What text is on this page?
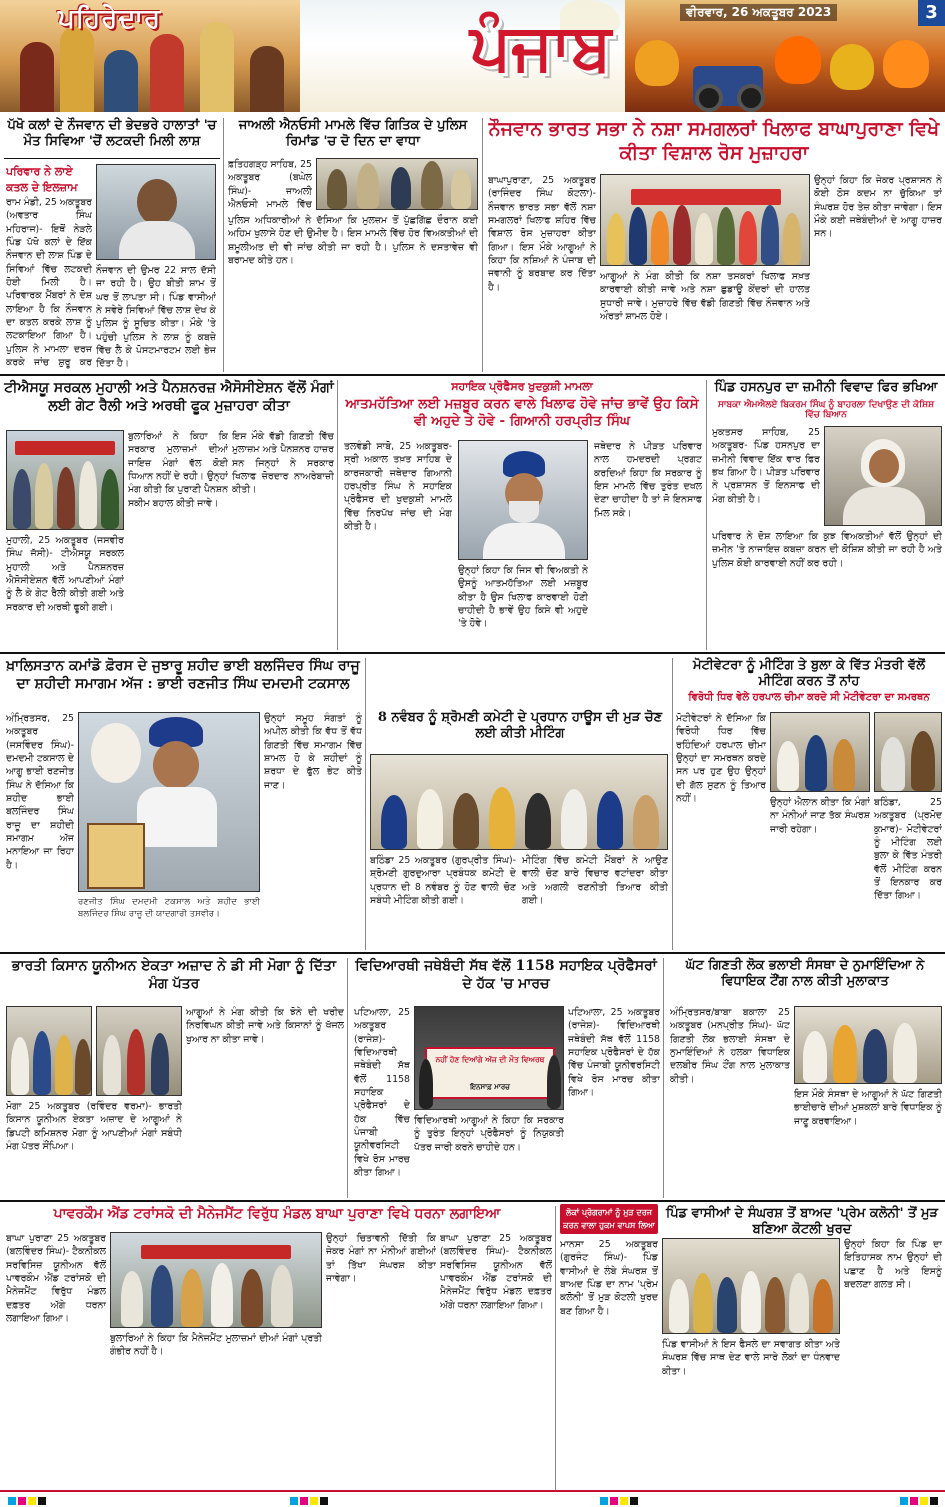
ਪਹਿਰੇਦਾਰ	ਪੰਜਾਬ	ਵੀਰਵਾਰ, 26 ਅਕਤੂਬਰ 2023	3
ਪੱਖੋ ਕਲਾਂ ਦੇ ਨੌਜਵਾਨ ਦੀ ਭੇਦਭਰੇ ਹਾਲਾਤਾਂ 'ਚ ਮੌਤ ਸਿਵਿਆ 'ਚੋਂ ਲਟਕਦੀ ਮਿਲੀ ਲਾਸ਼
ਪਰਿਵਾਰ ਨੇ ਲਾਏ ਕਤਲ ਦੇ ਇਲਜ਼ਾਮ
ਰਾਮ ਮੰਡੀ, 25 ਅਕਤੂਬਰ (ਅਵਤਾਰ ਸਿੰਘ ਮਹਿਰਾਜ)- ਇਥੋਂ ਨੇੜਲੇ ਪਿੰਡ ਪੱਖੋ ਕਲਾਂ ਦੇ ਇੱਕ ਨੌਜਵਾਨ ਦੀ ਲਾਸ਼ ਪਿੰਡ ਦੇ ਸਿਵਿਆਂ ਵਿੱਚ ਲਟਕਦੀ ਹੋਈ ਮਿਲੀ ਹੈ। ਪਰਿਵਾਰਕ ਮੈਂਬਰਾਂ ਨੇ ਦੋਸ਼ ਲਾਇਆ ਹੈ ਕਿ ਨੌਜਵਾਨ ਦਾ ਕਤਲ ਕਰਕੇ ਲਾਸ਼ ਨੂੰ ਲਟਕਾਇਆ ਗਿਆ ਹੈ। ਪੁਲਿਸ ਨੇ ਮਾਮਲਾ ਦਰਜ ਕਰਕੇ ਜਾਂਚ ਸ਼ੁਰੂ ਕਰ
ਨੌਜਵਾਨ ਦੀ ਉਮਰ 22 ਸਾਲ ਦੱਸੀ ਜਾ ਰਹੀ ਹੈ। ਉਹ ਬੀਤੀ ਸ਼ਾਮ ਤੋਂ ਘਰ ਤੋਂ ਲਾਪਤਾ ਸੀ। ਪਿੰਡ ਵਾਸੀਆਂ ਨੇ ਸਵੇਰੇ ਸਿਵਿਆਂ ਵਿੱਚ ਲਾਸ਼ ਦੇਖ ਕੇ ਪੁਲਿਸ ਨੂੰ ਸੂਚਿਤ ਕੀਤਾ। ਮੌਕੇ 'ਤੇ ਪਹੁੰਚੀ ਪੁਲਿਸ ਨੇ ਲਾਸ਼ ਨੂੰ ਕਬਜ਼ੇ ਵਿੱਚ ਲੈ ਕੇ ਪੋਸਟਮਾਰਟਮ ਲਈ ਭੇਜ ਦਿੱਤਾ ਹੈ।
ਜਾਅਲੀ ਐਨਓਸੀ ਮਾਮਲੇ ਵਿੱਚ ਗਿਤਿਕ ਦੇ ਪੁਲਿਸ ਰਿਮਾਂਡ 'ਚ ਦੋ ਦਿਨ ਦਾ ਵਾਧਾ
ਫ਼ਤਿਹਗੜ੍ਹ ਸਾਹਿਬ, 25 ਅਕਤੂਬਰ (ਬਘੇਲ ਸਿੰਘ)- ਜਾਅਲੀ ਐਨਓਸੀ ਮਾਮਲੇ ਵਿੱਚ
ਪੁਲਿਸ ਅਧਿਕਾਰੀਆਂ ਨੇ ਦੱਸਿਆ ਕਿ ਮੁਲਜ਼ਮ ਤੋਂ ਪੁੱਛਗਿੱਛ ਦੌਰਾਨ ਕਈ ਅਹਿਮ ਖੁਲਾਸੇ ਹੋਣ ਦੀ ਉਮੀਦ ਹੈ। ਇਸ ਮਾਮਲੇ ਵਿੱਚ ਹੋਰ ਵਿਅਕਤੀਆਂ ਦੀ ਸ਼ਮੂਲੀਅਤ ਦੀ ਵੀ ਜਾਂਚ ਕੀਤੀ ਜਾ ਰਹੀ ਹੈ। ਪੁਲਿਸ ਨੇ ਦਸਤਾਵੇਜ਼ ਵੀ ਬਰਾਮਦ ਕੀਤੇ ਹਨ।
ਨੌਜਵਾਨ ਭਾਰਤ ਸਭਾ ਨੇ ਨਸ਼ਾ ਸਮਗਲਰਾਂ ਖਿਲਾਫ ਬਾਘਾਪੁਰਾਣਾ ਵਿਖੇ ਕੀਤਾ ਵਿਸ਼ਾਲ ਰੋਸ ਮੁਜ਼ਾਹਰਾ
ਬਾਘਾਪੁਰਾਣਾ, 25 ਅਕਤੂਬਰ (ਰਾਜਿੰਦਰ ਸਿੰਘ ਕੋਟਲਾ)- ਨੌਜਵਾਨ ਭਾਰਤ ਸਭਾ ਵੱਲੋਂ ਨਸ਼ਾ ਸਮਗਲਰਾਂ ਖਿਲਾਫ ਸ਼ਹਿਰ ਵਿੱਚ ਵਿਸ਼ਾਲ ਰੋਸ ਮੁਜ਼ਾਹਰਾ ਕੀਤਾ ਗਿਆ। ਇਸ ਮੌਕੇ ਆਗੂਆਂ ਨੇ ਕਿਹਾ ਕਿ ਨਸ਼ਿਆਂ ਨੇ ਪੰਜਾਬ ਦੀ ਜਵਾਨੀ ਨੂੰ ਬਰਬਾਦ ਕਰ ਦਿੱਤਾ ਹੈ।
ਆਗੂਆਂ ਨੇ ਮੰਗ ਕੀਤੀ ਕਿ ਨਸ਼ਾ ਤਸਕਰਾਂ ਖਿਲਾਫ ਸਖ਼ਤ ਕਾਰਵਾਈ ਕੀਤੀ ਜਾਵੇ ਅਤੇ ਨਸ਼ਾ ਛੁਡਾਊ ਕੇਂਦਰਾਂ ਦੀ ਹਾਲਤ ਸੁਧਾਰੀ ਜਾਵੇ। ਮੁਜ਼ਾਹਰੇ ਵਿੱਚ ਵੱਡੀ ਗਿਣਤੀ ਵਿੱਚ ਨੌਜਵਾਨ ਅਤੇ ਔਰਤਾਂ ਸ਼ਾਮਲ ਹੋਏ।
ਉਨ੍ਹਾਂ ਕਿਹਾ ਕਿ ਜੇਕਰ ਪ੍ਰਸ਼ਾਸਨ ਨੇ ਕੋਈ ਠੋਸ ਕਦਮ ਨਾ ਚੁੱਕਿਆ ਤਾਂ ਸੰਘਰਸ਼ ਹੋਰ ਤੇਜ਼ ਕੀਤਾ ਜਾਵੇਗਾ। ਇਸ ਮੌਕੇ ਕਈ ਜਥੇਬੰਦੀਆਂ ਦੇ ਆਗੂ ਹਾਜ਼ਰ ਸਨ।
ਟੀਐਸਯੂ ਸਰਕਲ ਮੁਹਾਲੀ ਅਤੇ ਪੈਨਸ਼ਨਰਜ਼ ਐਸੋਸੀਏਸ਼ਨ ਵੱਲੋਂ ਮੰਗਾਂ ਲਈ ਗੇਟ ਰੈਲੀ ਅਤੇ ਅਰਥੀ ਫੂਕ ਮੁਜ਼ਾਹਰਾ ਕੀਤਾ
ਮੁਹਾਲੀ, 25 ਅਕਤੂਬਰ (ਜਸਵੀਰ ਸਿੰਘ ਜੱਸੀ)- ਟੀਐਸਯੂ ਸਰਕਲ ਮੁਹਾਲੀ ਅਤੇ ਪੈਨਸ਼ਨਰਜ਼ ਐਸੋਸੀਏਸ਼ਨ ਵੱਲੋਂ ਆਪਣੀਆਂ ਮੰਗਾਂ ਨੂੰ ਲੈ ਕੇ ਗੇਟ ਰੈਲੀ ਕੀਤੀ ਗਈ ਅਤੇ ਸਰਕਾਰ ਦੀ ਅਰਥੀ ਫੂਕੀ ਗਈ।
ਬੁਲਾਰਿਆਂ ਨੇ ਕਿਹਾ ਕਿ ਸਰਕਾਰ ਮੁਲਾਜ਼ਮਾਂ ਦੀਆਂ ਜਾਇਜ਼ ਮੰਗਾਂ ਵੱਲ ਕੋਈ ਧਿਆਨ ਨਹੀਂ ਦੇ ਰਹੀ। ਉਨ੍ਹਾਂ ਮੰਗ ਕੀਤੀ ਕਿ ਪੁਰਾਣੀ ਪੈਨਸ਼ਨ ਸਕੀਮ ਬਹਾਲ ਕੀਤੀ ਜਾਵੇ।
ਇਸ ਮੌਕੇ ਵੱਡੀ ਗਿਣਤੀ ਵਿੱਚ ਮੁਲਾਜ਼ਮ ਅਤੇ ਪੈਨਸ਼ਨਰ ਹਾਜ਼ਰ ਸਨ ਜਿਨ੍ਹਾਂ ਨੇ ਸਰਕਾਰ ਖਿਲਾਫ ਜ਼ੋਰਦਾਰ ਨਾਅਰੇਬਾਜ਼ੀ ਕੀਤੀ।
ਸਹਾਇਕ ਪ੍ਰੋਫੈਸਰ ਖੁਦਕੁਸ਼ੀ ਮਾਮਲਾ
ਆਤਮਹੱਤਿਆ ਲਈ ਮਜ਼ਬੂਰ ਕਰਨ ਵਾਲੇ ਖਿਲਾਫ ਹੋਵੇ ਜਾਂਚ ਭਾਵੇਂ ਉਹ ਕਿਸੇ ਵੀ ਅਹੁਦੇ ਤੇ ਹੋਵੇ - ਗਿਆਨੀ ਹਰਪ੍ਰੀਤ ਸਿੰਘ
ਤਲਵੰਡੀ ਸਾਬੋ, 25 ਅਕਤੂਬਰ- ਸ੍ਰੀ ਅਕਾਲ ਤਖ਼ਤ ਸਾਹਿਬ ਦੇ ਕਾਰਜਕਾਰੀ ਜਥੇਦਾਰ ਗਿਆਨੀ ਹਰਪ੍ਰੀਤ ਸਿੰਘ ਨੇ ਸਹਾਇਕ ਪ੍ਰੋਫੈਸਰ ਦੀ ਖੁਦਕੁਸ਼ੀ ਮਾਮਲੇ ਵਿੱਚ ਨਿਰਪੱਖ ਜਾਂਚ ਦੀ ਮੰਗ ਕੀਤੀ ਹੈ।
ਉਨ੍ਹਾਂ ਕਿਹਾ ਕਿ ਜਿਸ ਵੀ ਵਿਅਕਤੀ ਨੇ ਉਸਨੂੰ ਆਤਮਹੱਤਿਆ ਲਈ ਮਜ਼ਬੂਰ ਕੀਤਾ ਹੈ ਉਸ ਖਿਲਾਫ ਕਾਰਵਾਈ ਹੋਣੀ ਚਾਹੀਦੀ ਹੈ ਭਾਵੇਂ ਉਹ ਕਿਸੇ ਵੀ ਅਹੁਦੇ 'ਤੇ ਹੋਵੇ।
ਜਥੇਦਾਰ ਨੇ ਪੀੜਤ ਪਰਿਵਾਰ ਨਾਲ ਹਮਦਰਦੀ ਪ੍ਰਗਟ ਕਰਦਿਆਂ ਕਿਹਾ ਕਿ ਸਰਕਾਰ ਨੂੰ ਇਸ ਮਾਮਲੇ ਵਿੱਚ ਤੁਰੰਤ ਦਖਲ ਦੇਣਾ ਚਾਹੀਦਾ ਹੈ ਤਾਂ ਜੋ ਇਨਸਾਫ ਮਿਲ ਸਕੇ।
ਪਿੰਡ ਹਸਨਪੁਰ ਦਾ ਜ਼ਮੀਨੀ ਵਿਵਾਦ ਫਿਰ ਭਖਿਆ
ਸਾਬਕਾ ਐਮਐਲਏ ਬਿਕਰਮ ਸਿੰਘ ਨੂੰ ਬਾਹਰਲਾ ਦਿਖਾਉਣ ਦੀ ਕੋਸ਼ਿਸ਼ ਵਿੱਚ ਬਿਆਨ
ਮੁਕਤਸਰ ਸਾਹਿਬ, 25 ਅਕਤੂਬਰ- ਪਿੰਡ ਹਸਨਪੁਰ ਦਾ ਜ਼ਮੀਨੀ ਵਿਵਾਦ ਇੱਕ ਵਾਰ ਫਿਰ ਭਖ ਗਿਆ ਹੈ। ਪੀੜਤ ਪਰਿਵਾਰ ਨੇ ਪ੍ਰਸ਼ਾਸਨ ਤੋਂ ਇਨਸਾਫ ਦੀ ਮੰਗ ਕੀਤੀ ਹੈ।
ਪਰਿਵਾਰ ਨੇ ਦੋਸ਼ ਲਾਇਆ ਕਿ ਕੁਝ ਵਿਅਕਤੀਆਂ ਵੱਲੋਂ ਉਨ੍ਹਾਂ ਦੀ ਜ਼ਮੀਨ 'ਤੇ ਨਾਜਾਇਜ਼ ਕਬਜ਼ਾ ਕਰਨ ਦੀ ਕੋਸ਼ਿਸ਼ ਕੀਤੀ ਜਾ ਰਹੀ ਹੈ ਅਤੇ ਪੁਲਿਸ ਕੋਈ ਕਾਰਵਾਈ ਨਹੀਂ ਕਰ ਰਹੀ।
ਖ਼ਾਲਿਸਤਾਨ ਕਮਾਂਡੋ ਫ਼ੋਰਸ ਦੇ ਜੁਝਾਰੂ ਸ਼ਹੀਦ ਭਾਈ ਬਲਜਿੰਦਰ ਸਿੰਘ ਰਾਜੂ ਦਾ ਸ਼ਹੀਦੀ ਸਮਾਗਮ ਅੱਜ : ਭਾਈ ਰਣਜੀਤ ਸਿੰਘ ਦਮਦਮੀ ਟਕਸਾਲ
ਅੰਮ੍ਰਿਤਸਰ, 25 ਅਕਤੂਬਰ (ਜਸਵਿੰਦਰ ਸਿੰਘ)- ਦਮਦਮੀ ਟਕਸਾਲ ਦੇ ਆਗੂ ਭਾਈ ਰਣਜੀਤ ਸਿੰਘ ਨੇ ਦੱਸਿਆ ਕਿ ਸ਼ਹੀਦ ਭਾਈ ਬਲਜਿੰਦਰ ਸਿੰਘ ਰਾਜੂ ਦਾ ਸ਼ਹੀਦੀ ਸਮਾਗਮ ਅੱਜ ਮਨਾਇਆ ਜਾ ਰਿਹਾ ਹੈ।
ਰਣਜੀਤ ਸਿੰਘ ਦਮਦਮੀ ਟਕਸਾਲ ਅਤੇ ਸ਼ਹੀਦ ਭਾਈ ਬਲਜਿੰਦਰ ਸਿੰਘ ਰਾਜੂ ਦੀ ਯਾਦਗਾਰੀ ਤਸਵੀਰ।
ਉਨ੍ਹਾਂ ਸਮੂਹ ਸੰਗਤਾਂ ਨੂੰ ਅਪੀਲ ਕੀਤੀ ਕਿ ਵੱਧ ਤੋਂ ਵੱਧ ਗਿਣਤੀ ਵਿੱਚ ਸਮਾਗਮ ਵਿੱਚ ਸ਼ਾਮਲ ਹੋ ਕੇ ਸ਼ਹੀਦਾਂ ਨੂੰ ਸ਼ਰਧਾ ਦੇ ਫੁੱਲ ਭੇਟ ਕੀਤੇ ਜਾਣ।
8 ਨਵੰਬਰ ਨੂੰ ਸ਼੍ਰੋਮਣੀ ਕਮੇਟੀ ਦੇ ਪ੍ਰਧਾਨ ਹਾਊਸ ਦੀ ਮੁੜ ਚੋਣ ਲਈ ਕੀਤੀ ਮੀਟਿੰਗ
ਬਠਿੰਡਾ 25 ਅਕਤੂਬਰ (ਗੁਰਪ੍ਰੀਤ ਸਿੰਘ)- ਸ਼੍ਰੋਮਣੀ ਗੁਰਦੁਆਰਾ ਪ੍ਰਬੰਧਕ ਕਮੇਟੀ ਦੇ ਪ੍ਰਧਾਨ ਦੀ 8 ਨਵੰਬਰ ਨੂੰ ਹੋਣ ਵਾਲੀ ਚੋਣ ਸਬੰਧੀ ਮੀਟਿੰਗ ਕੀਤੀ ਗਈ।
ਮੀਟਿੰਗ ਵਿੱਚ ਕਮੇਟੀ ਮੈਂਬਰਾਂ ਨੇ ਆਉਣ ਵਾਲੀ ਚੋਣ ਬਾਰੇ ਵਿਚਾਰ ਵਟਾਂਦਰਾ ਕੀਤਾ ਅਤੇ ਅਗਲੀ ਰਣਨੀਤੀ ਤਿਆਰ ਕੀਤੀ ਗਈ।
ਮੋਟੀਵੇਟਰਾ ਨੂੰ ਮੀਟਿੰਗ ਤੇ ਬੁਲਾ ਕੇ ਵਿੱਤ ਮੰਤਰੀ ਵੱਲੋਂ ਮੀਟਿੰਗ ਕਰਨ ਤੋਂ ਨਾਂਹ
ਵਿਰੋਧੀ ਧਿਰ ਵੇਲੇ ਹਰਪਾਲ ਚੀਮਾ ਕਰਦੇ ਸੀ ਮੋਟੀਵੇਟਰਾ ਦਾ ਸਮਰਥਨ
ਮੋਟੀਵੇਟਰਾਂ ਨੇ ਦੱਸਿਆ ਕਿ ਵਿਰੋਧੀ ਧਿਰ ਵਿੱਚ ਰਹਿੰਦਿਆਂ ਹਰਪਾਲ ਚੀਮਾ ਉਨ੍ਹਾਂ ਦਾ ਸਮਰਥਨ ਕਰਦੇ ਸਨ ਪਰ ਹੁਣ ਉਹ ਉਨ੍ਹਾਂ ਦੀ ਗੱਲ ਸੁਣਨ ਨੂੰ ਤਿਆਰ ਨਹੀਂ।	ਉਨ੍ਹਾਂ ਐਲਾਨ ਕੀਤਾ ਕਿ ਮੰਗਾਂ ਨਾ ਮੰਨੀਆਂ ਜਾਣ ਤੱਕ ਸੰਘਰਸ਼ ਜਾਰੀ ਰਹੇਗਾ।
ਬਠਿੰਡਾ, 25 ਅਕਤੂਬਰ (ਪ੍ਰਮੋਦ ਕੁਮਾਰ)- ਮੋਟੀਵੇਟਰਾਂ ਨੂੰ ਮੀਟਿੰਗ ਲਈ ਬੁਲਾ ਕੇ ਵਿੱਤ ਮੰਤਰੀ ਵੱਲੋਂ ਮੀਟਿੰਗ ਕਰਨ ਤੋਂ ਇਨਕਾਰ ਕਰ ਦਿੱਤਾ ਗਿਆ।
ਭਾਰਤੀ ਕਿਸਾਨ ਯੂਨੀਅਨ ਏਕਤਾ ਅਜ਼ਾਦ ਨੇ ਡੀ ਸੀ ਮੋਗਾ ਨੂੰ ਦਿੱਤਾ ਮੰਗ ਪੱਤਰ
ਮੋਗਾ 25 ਅਕਤੂਬਰ (ਰਵਿੰਦਰ ਵਰਮਾ)- ਭਾਰਤੀ ਕਿਸਾਨ ਯੂਨੀਅਨ ਏਕਤਾ ਅਜ਼ਾਦ ਦੇ ਆਗੂਆਂ ਨੇ ਡਿਪਟੀ ਕਮਿਸ਼ਨਰ ਮੋਗਾ ਨੂੰ ਆਪਣੀਆਂ ਮੰਗਾਂ ਸਬੰਧੀ ਮੰਗ ਪੱਤਰ ਸੌਂਪਿਆ।
ਆਗੂਆਂ ਨੇ ਮੰਗ ਕੀਤੀ ਕਿ ਝੋਨੇ ਦੀ ਖਰੀਦ ਨਿਰਵਿਘਨ ਕੀਤੀ ਜਾਵੇ ਅਤੇ ਕਿਸਾਨਾਂ ਨੂੰ ਖੱਜਲ ਖੁਆਰ ਨਾ ਕੀਤਾ ਜਾਵੇ।
ਵਿਦਿਆਰਥੀ ਜਥੇਬੰਦੀ ਸੱਥ ਵੱਲੋਂ 1158 ਸਹਾਇਕ ਪ੍ਰੋਫੈਸਰਾਂ ਦੇ ਹੱਕ 'ਚ ਮਾਰਚ
ਪਟਿਆਲਾ, 25 ਅਕਤੂਬਰ (ਰਾਜੇਸ਼)- ਵਿਦਿਆਰਥੀ ਜਥੇਬੰਦੀ ਸੱਥ ਵੱਲੋਂ 1158 ਸਹਾਇਕ ਪ੍ਰੋਫੈਸਰਾਂ ਦੇ ਹੱਕ ਵਿੱਚ ਪੰਜਾਬੀ ਯੂਨੀਵਰਸਿਟੀ ਵਿਖੇ ਰੋਸ ਮਾਰਚ ਕੀਤਾ ਗਿਆ।
ਨਹੀਂ ਹੋਣ ਦਿਆਂਗੇ ਅੱਜ ਦੀ ਮੌਤ ਵਿਅਰਥ
ਇਨਸਾਫ਼ ਮਾਰਚ
ਵਿਦਿਆਰਥੀ ਆਗੂਆਂ ਨੇ ਕਿਹਾ ਕਿ ਸਰਕਾਰ ਨੂੰ ਤੁਰੰਤ ਇਨ੍ਹਾਂ ਪ੍ਰੋਫੈਸਰਾਂ ਨੂੰ ਨਿਯੁਕਤੀ ਪੱਤਰ ਜਾਰੀ ਕਰਨੇ ਚਾਹੀਦੇ ਹਨ।
ਪਟਿਆਲਾ, 25 ਅਕਤੂਬਰ (ਰਾਜੇਸ਼)- ਵਿਦਿਆਰਥੀ ਜਥੇਬੰਦੀ ਸੱਥ ਵੱਲੋਂ 1158 ਸਹਾਇਕ ਪ੍ਰੋਫੈਸਰਾਂ ਦੇ ਹੱਕ ਵਿੱਚ ਪੰਜਾਬੀ ਯੂਨੀਵਰਸਿਟੀ ਵਿਖੇ ਰੋਸ ਮਾਰਚ ਕੀਤਾ ਗਿਆ।
ਘੱਟ ਗਿਣਤੀ ਲੋਕ ਭਲਾਈ ਸੰਸਥਾ ਦੇ ਨੁਮਾਇੰਦਿਆ ਨੇ ਵਿਧਾਇਕ ਟੌਂਗ ਨਾਲ ਕੀਤੀ ਮੁਲਾਕਾਤ
ਅੰਮ੍ਰਿਤਸਰ/ਬਾਬਾ ਬਕਾਲਾ 25 ਅਕਤੂਬਰ (ਮਨਪ੍ਰੀਤ ਸਿੰਘ)- ਘੱਟ ਗਿਣਤੀ ਲੋਕ ਭਲਾਈ ਸੰਸਥਾ ਦੇ ਨੁਮਾਇੰਦਿਆਂ ਨੇ ਹਲਕਾ ਵਿਧਾਇਕ ਦਲਬੀਰ ਸਿੰਘ ਟੌਂਗ ਨਾਲ ਮੁਲਾਕਾਤ ਕੀਤੀ।
ਇਸ ਮੌਕੇ ਸੰਸਥਾ ਦੇ ਆਗੂਆਂ ਨੇ ਘੱਟ ਗਿਣਤੀ ਭਾਈਚਾਰੇ ਦੀਆਂ ਮੁਸ਼ਕਲਾਂ ਬਾਰੇ ਵਿਧਾਇਕ ਨੂੰ ਜਾਣੂ ਕਰਵਾਇਆ।
ਪਾਵਰਕੌਮ ਐਂਡ ਟਰਾਂਸਕੋ ਦੀ ਮੈਨੇਜਮੈਂਟ ਵਿਰੁੱਧ ਮੰਡਲ ਬਾਘਾ ਪੁਰਾਣਾ ਵਿਖੇ ਧਰਨਾ ਲਗਾਇਆ
ਬਾਘਾ ਪੁਰਾਣਾ 25 ਅਕਤੂਬਰ (ਬਲਵਿੰਦਰ ਸਿੰਘ)- ਟੈਕਨੀਕਲ ਸਰਵਿਸਿਜ਼ ਯੂਨੀਅਨ ਵੱਲੋਂ ਪਾਵਰਕੌਮ ਐਂਡ ਟਰਾਂਸਕੋ ਦੀ ਮੈਨੇਜਮੈਂਟ ਵਿਰੁੱਧ ਮੰਡਲ ਦਫ਼ਤਰ ਅੱਗੇ ਧਰਨਾ ਲਗਾਇਆ ਗਿਆ।
ਬੁਲਾਰਿਆਂ ਨੇ ਕਿਹਾ ਕਿ ਮੈਨੇਜਮੈਂਟ ਮੁਲਾਜ਼ਮਾਂ ਦੀਆਂ ਮੰਗਾਂ ਪ੍ਰਤੀ ਗੰਭੀਰ ਨਹੀਂ ਹੈ।
ਉਨ੍ਹਾਂ ਚਿਤਾਵਨੀ ਦਿੱਤੀ ਕਿ ਜੇਕਰ ਮੰਗਾਂ ਨਾ ਮੰਨੀਆਂ ਗਈਆਂ ਤਾਂ ਤਿੱਖਾ ਸੰਘਰਸ਼ ਕੀਤਾ ਜਾਵੇਗਾ।
ਬਾਘਾ ਪੁਰਾਣਾ 25 ਅਕਤੂਬਰ (ਬਲਵਿੰਦਰ ਸਿੰਘ)- ਟੈਕਨੀਕਲ ਸਰਵਿਸਿਜ਼ ਯੂਨੀਅਨ ਵੱਲੋਂ ਪਾਵਰਕੌਮ ਐਂਡ ਟਰਾਂਸਕੋ ਦੀ ਮੈਨੇਜਮੈਂਟ ਵਿਰੁੱਧ ਮੰਡਲ ਦਫ਼ਤਰ ਅੱਗੇ ਧਰਨਾ ਲਗਾਇਆ ਗਿਆ।
ਲੋਕਾਂ ਪ੍ਰੋਗਰਾਮਾਂ ਨੂੰ ਮੁੜ ਦਰਜ
ਕਰਨ ਵਾਲਾ ਹੁਕਮ ਵਾਪਸ ਲਿਆ
ਪਿੰਡ ਵਾਸੀਆਂ ਦੇ ਸੰਘਰਸ਼ ਤੋਂ ਬਾਅਦ 'ਪ੍ਰੇਮ ਕਲੋਨੀ' ਤੋਂ ਮੁੜ ਬਣਿਆ ਕੋਟਲੀ ਖੁਰਦ
ਮਾਨਸਾ 25 ਅਕਤੂਬਰ (ਗੁਰਜੰਟ ਸਿੰਘ)- ਪਿੰਡ ਵਾਸੀਆਂ ਦੇ ਲੰਬੇ ਸੰਘਰਸ਼ ਤੋਂ ਬਾਅਦ ਪਿੰਡ ਦਾ ਨਾਮ 'ਪ੍ਰੇਮ ਕਲੋਨੀ' ਤੋਂ ਮੁੜ ਕੋਟਲੀ ਖੁਰਦ ਬਣ ਗਿਆ ਹੈ।
ਪਿੰਡ ਵਾਸੀਆਂ ਨੇ ਇਸ ਫੈਸਲੇ ਦਾ ਸਵਾਗਤ ਕੀਤਾ ਅਤੇ ਸੰਘਰਸ਼ ਵਿੱਚ ਸਾਥ ਦੇਣ ਵਾਲੇ ਸਾਰੇ ਲੋਕਾਂ ਦਾ ਧੰਨਵਾਦ ਕੀਤਾ।
ਉਨ੍ਹਾਂ ਕਿਹਾ ਕਿ ਪਿੰਡ ਦਾ ਇਤਿਹਾਸਕ ਨਾਮ ਉਨ੍ਹਾਂ ਦੀ ਪਛਾਣ ਹੈ ਅਤੇ ਇਸਨੂੰ ਬਦਲਣਾ ਗਲਤ ਸੀ।
